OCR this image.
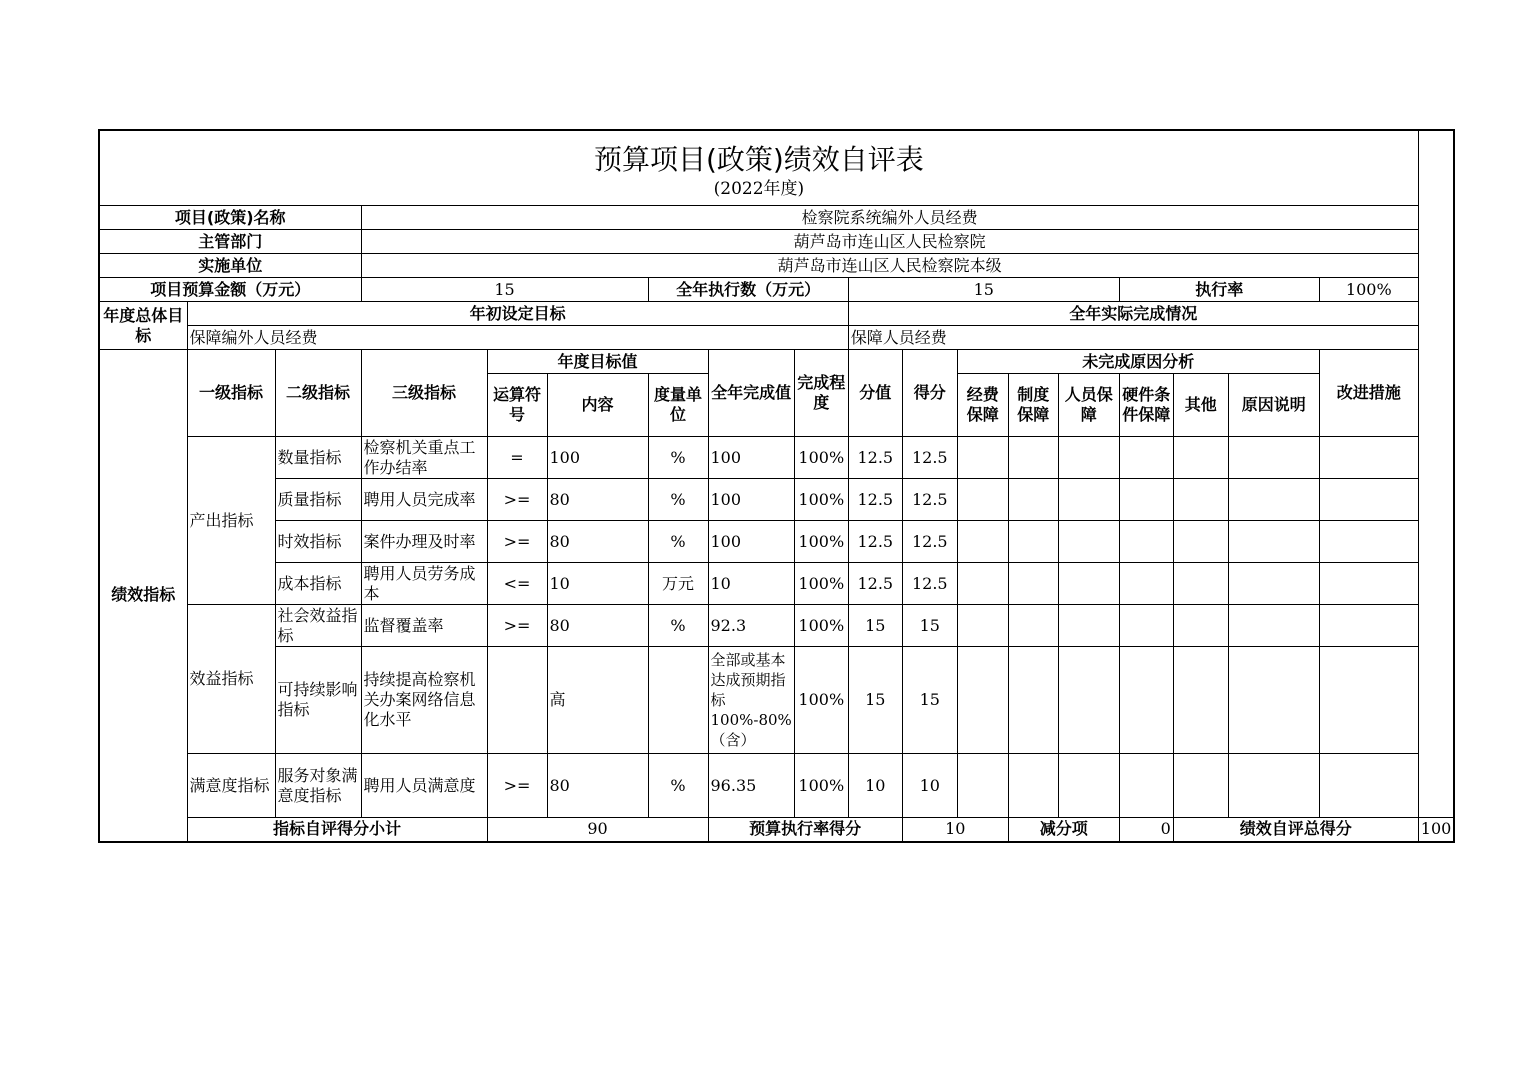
预算项目(政策)绩效自评表
(2022年度)																		

项目(政策)名称			检察院系统编外人员经费															
主管部门			葫芦岛市连山区人民检察院															
实施单位			葫芦岛市连山区人民检察院本级															
项目预算金额（万元）			15			全年执行数（万元）			15					执行率			100%	
年度总体目标	年初设定目标								全年实际完成情况									
	保障编外人员经费								保障人员经费									
绩效指标	一级指标	二级指标	三级指标	年度目标值			全年完成值	完成程度	分值	得分	未完成原因分析						改进措施	
				运算符号	内容	度量单位					经费保障	制度保障	人员保障	硬件条件保障	其他	原因说明		
	产出指标	数量指标	检察机关重点工作办结率	=	100	%	100	100%	12.5	12.5								
		质量指标	聘用人员完成率	>=	80	%	100	100%	12.5	12.5								
		时效指标	案件办理及时率	>=	80	%	100	100%	12.5	12.5								
		成本指标	聘用人员劳务成本	<=	10	万元	10	100%	12.5	12.5								
	效益指标	社会效益指标	监督覆盖率	>=	80	%	92.3	100%	15	15								
		可持续影响指标	持续提高检察机关办案网络信息化水平		高		全部或基本达成预期指标100%-80%（含）	100%	15	15								
	满意度指标	服务对象满意度指标	聘用人员满意度	>=	80	%	96.35	100%	10	10								
	指标自评得分小计			90			预算执行率得分			10		减分项		0	绩效自评总得分			100
